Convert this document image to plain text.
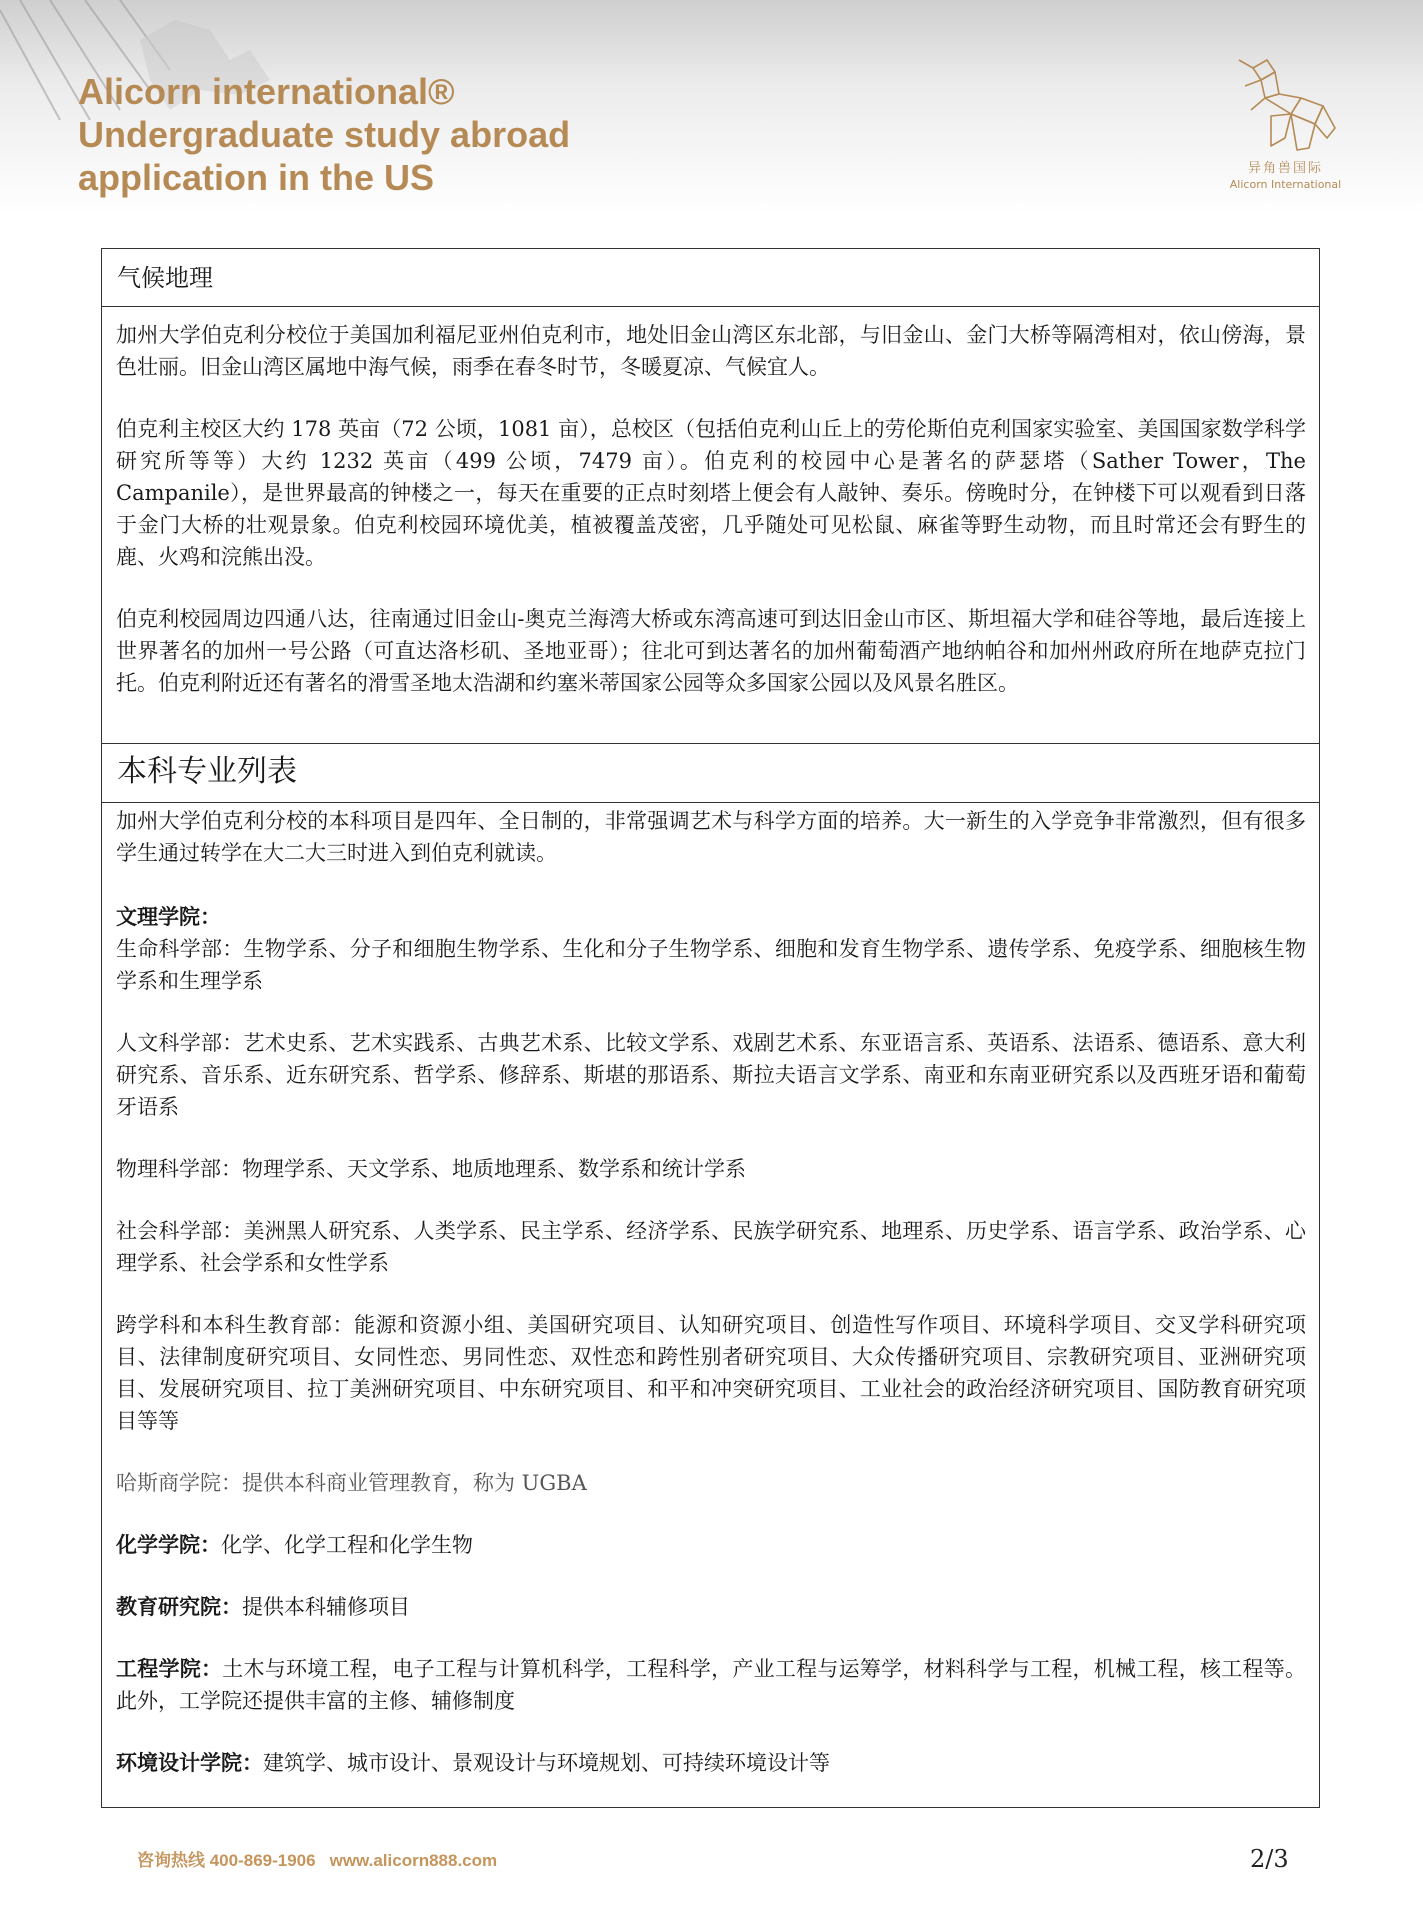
Alicorn international®
Undergraduate study abroad
application in the US	异角兽国际
Alicorn International
气候地理

加州大学伯克利分校位于美国加利福尼亚州伯克利市，地处旧金山湾区东北部，与旧金山、金门大桥等隔湾相对，依山傍海，景色壮丽。旧金山湾区属地中海气候，雨季在春冬时节，冬暖夏凉、气候宜人。

伯克利主校区大约 178 英亩（72 公顷，1081 亩），总校区（包括伯克利山丘上的劳伦斯伯克利国家实验室、美国国家数学科学研究所等等）大约 1232 英亩（499 公顷，7479 亩）。伯克利的校园中心是著名的萨瑟塔（Sather Tower，The Campanile），是世界最高的钟楼之一，每天在重要的正点时刻塔上便会有人敲钟、奏乐。傍晚时分，在钟楼下可以观看到日落于金门大桥的壮观景象。伯克利校园环境优美，植被覆盖茂密，几乎随处可见松鼠、麻雀等野生动物，而且时常还会有野生的鹿、火鸡和浣熊出没。

伯克利校园周边四通八达，往南通过旧金山-奥克兰海湾大桥或东湾高速可到达旧金山市区、斯坦福大学和硅谷等地，最后连接上世界著名的加州一号公路（可直达洛杉矶、圣地亚哥）；往北可到达著名的加州葡萄酒产地纳帕谷和加州州政府所在地萨克拉门托。伯克利附近还有著名的滑雪圣地太浩湖和约塞米蒂国家公园等众多国家公园以及风景名胜区。

本科专业列表

加州大学伯克利分校的本科项目是四年、全日制的，非常强调艺术与科学方面的培养。大一新生的入学竞争非常激烈，但有很多学生通过转学在大二大三时进入到伯克利就读。

文理学院：

生命科学部：生物学系、分子和细胞生物学系、生化和分子生物学系、细胞和发育生物学系、遗传学系、免疫学系、细胞核生物学系和生理学系

人文科学部：艺术史系、艺术实践系、古典艺术系、比较文学系、戏剧艺术系、东亚语言系、英语系、法语系、德语系、意大利研究系、音乐系、近东研究系、哲学系、修辞系、斯堪的那语系、斯拉夫语言文学系、南亚和东南亚研究系以及西班牙语和葡萄牙语系

物理科学部：物理学系、天文学系、地质地理系、数学系和统计学系

社会科学部：美洲黑人研究系、人类学系、民主学系、经济学系、民族学研究系、地理系、历史学系、语言学系、政治学系、心理学系、社会学系和女性学系

跨学科和本科生教育部：能源和资源小组、美国研究项目、认知研究项目、创造性写作项目、环境科学项目、交叉学科研究项目、法律制度研究项目、女同性恋、男同性恋、双性恋和跨性别者研究项目、大众传播研究项目、宗教研究项目、亚洲研究项目、发展研究项目、拉丁美洲研究项目、中东研究项目、和平和冲突研究项目、工业社会的政治经济研究项目、国防教育研究项目等等

哈斯商学院：提供本科商业管理教育，称为 UGBA

化学学院：化学、化学工程和化学生物

教育研究院：提供本科辅修项目

工程学院：土木与环境工程，电子工程与计算机科学，工程科学，产业工程与运筹学，材料科学与工程，机械工程，核工程等。此外，工学院还提供丰富的主修、辅修制度

环境设计学院：建筑学、城市设计、景观设计与环境规划、可持续环境设计等

咨询热线 400-869-1906 www.alicorn888.com	2/3
